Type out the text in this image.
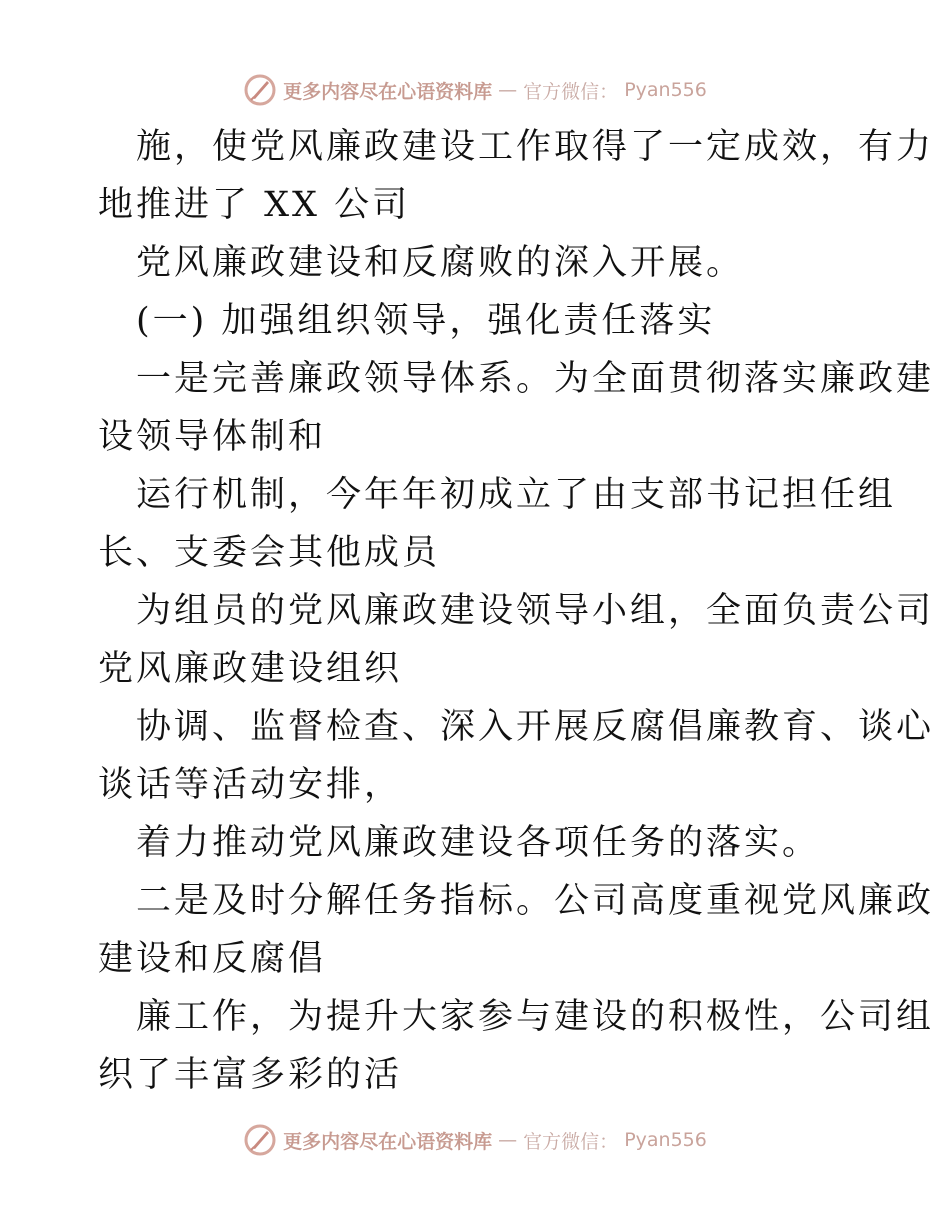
更多内容尽在心语资料库 — 官方微信： Pyan556
施，使党风廉政建设工作取得了一定成效，有力
地推进了 XX 公司
党风廉政建设和反腐败的深入开展。
(一) 加强组织领导，强化责任落实
一是完善廉政领导体系。为全面贯彻落实廉政建
设领导体制和
运行机制，今年年初成立了由支部书记担任组
长、支委会其他成员
为组员的党风廉政建设领导小组，全面负责公司
党风廉政建设组织
协调、监督检查、深入开展反腐倡廉教育、谈心
谈话等活动安排，
着力推动党风廉政建设各项任务的落实。
二是及时分解任务指标。公司高度重视党风廉政
建设和反腐倡
廉工作，为提升大家参与建设的积极性，公司组
织了丰富多彩的活
更多内容尽在心语资料库 — 官方微信： Pyan556
